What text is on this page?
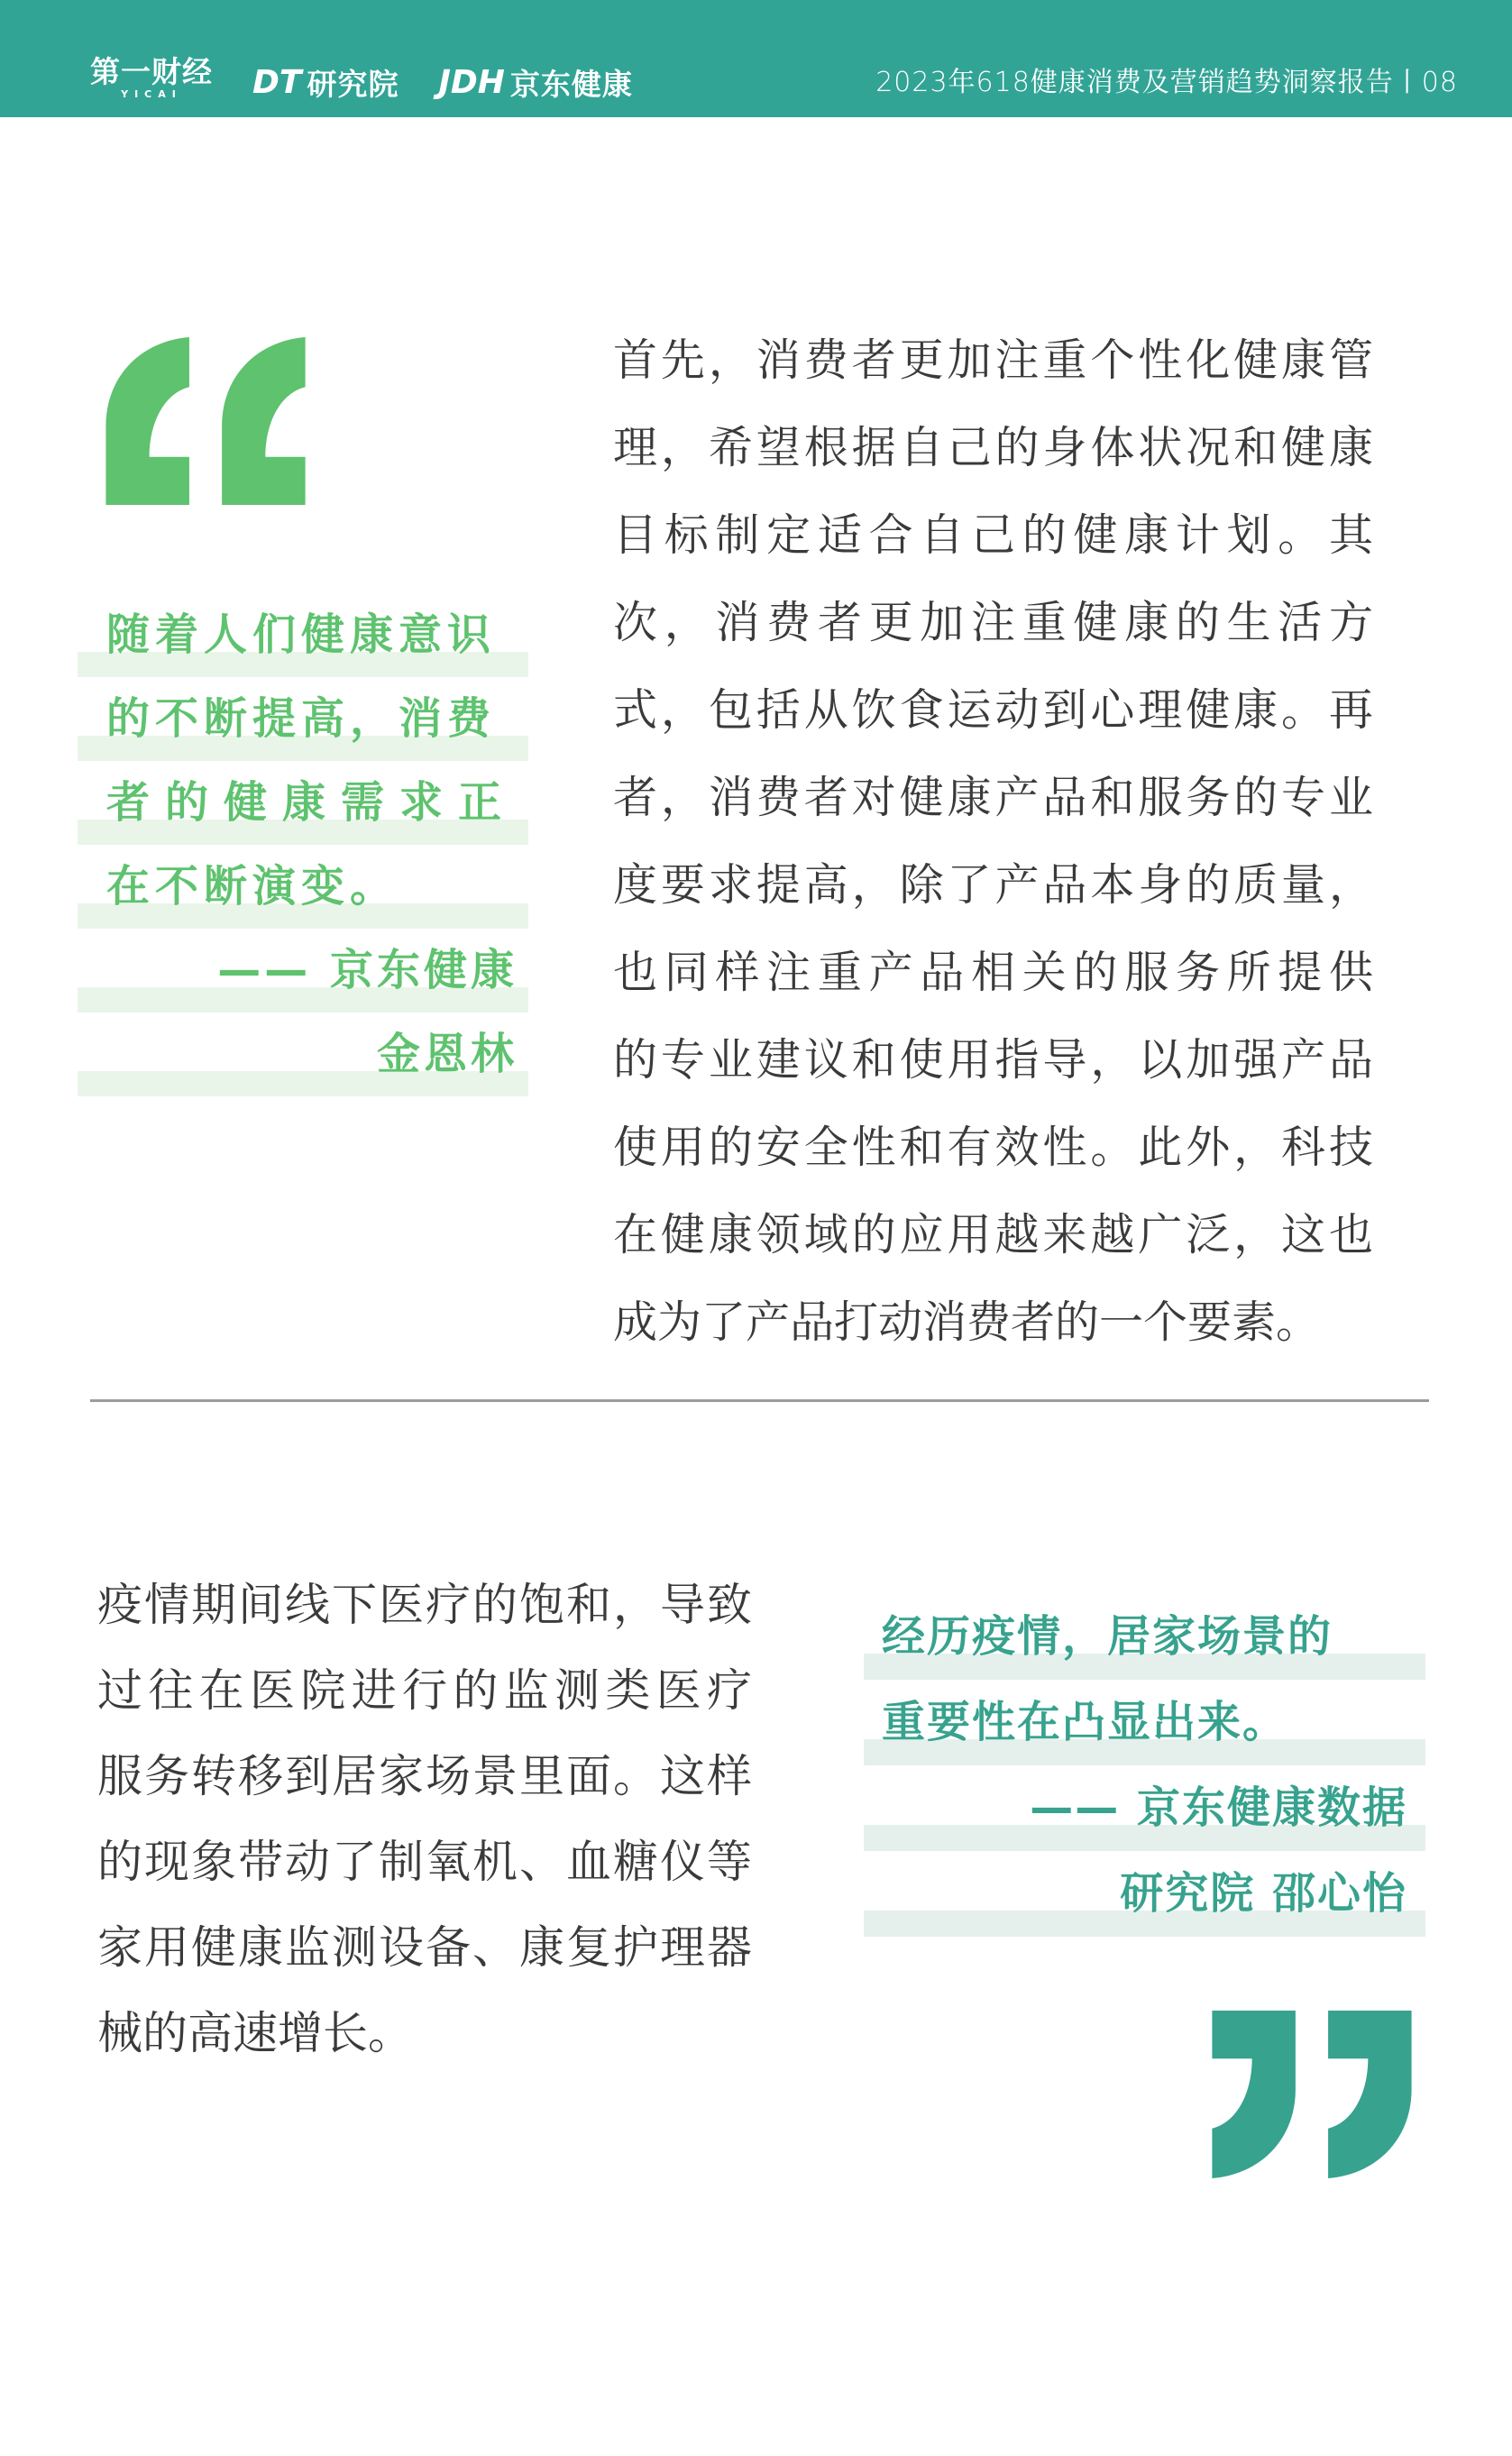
第一财经
YICAI DT 研究院 JDH 京东健康	2023年618健康消费及营销趋势洞察报告丨08
随着人们健康意识
的不断提高，消费
者的健康需求正
在不断演变。
—— 京东健康
金恩林
首先，消费者更加注重个性化健康管
理，希望根据自己的身体状况和健康
目标制定适合自己的健康计划。其
次，消费者更加注重健康的生活方
式，包括从饮食运动到心理健康。再
者，消费者对健康产品和服务的专业
度要求提高，除了产品本身的质量，
也同样注重产品相关的服务所提供
的专业建议和使用指导，以加强产品
使用的安全性和有效性。此外，科技
在健康领域的应用越来越广泛，这也
成为了产品打动消费者的一个要素。
疫情期间线下医疗的饱和，导致
过往在医院进行的监测类医疗
服务转移到居家场景里面。这样
的现象带动了制氧机、血糖仪等
家用健康监测设备、康复护理器
械的高速增长。
经历疫情，居家场景的
重要性在凸显出来。
—— 京东健康数据
研究院 邵心怡
